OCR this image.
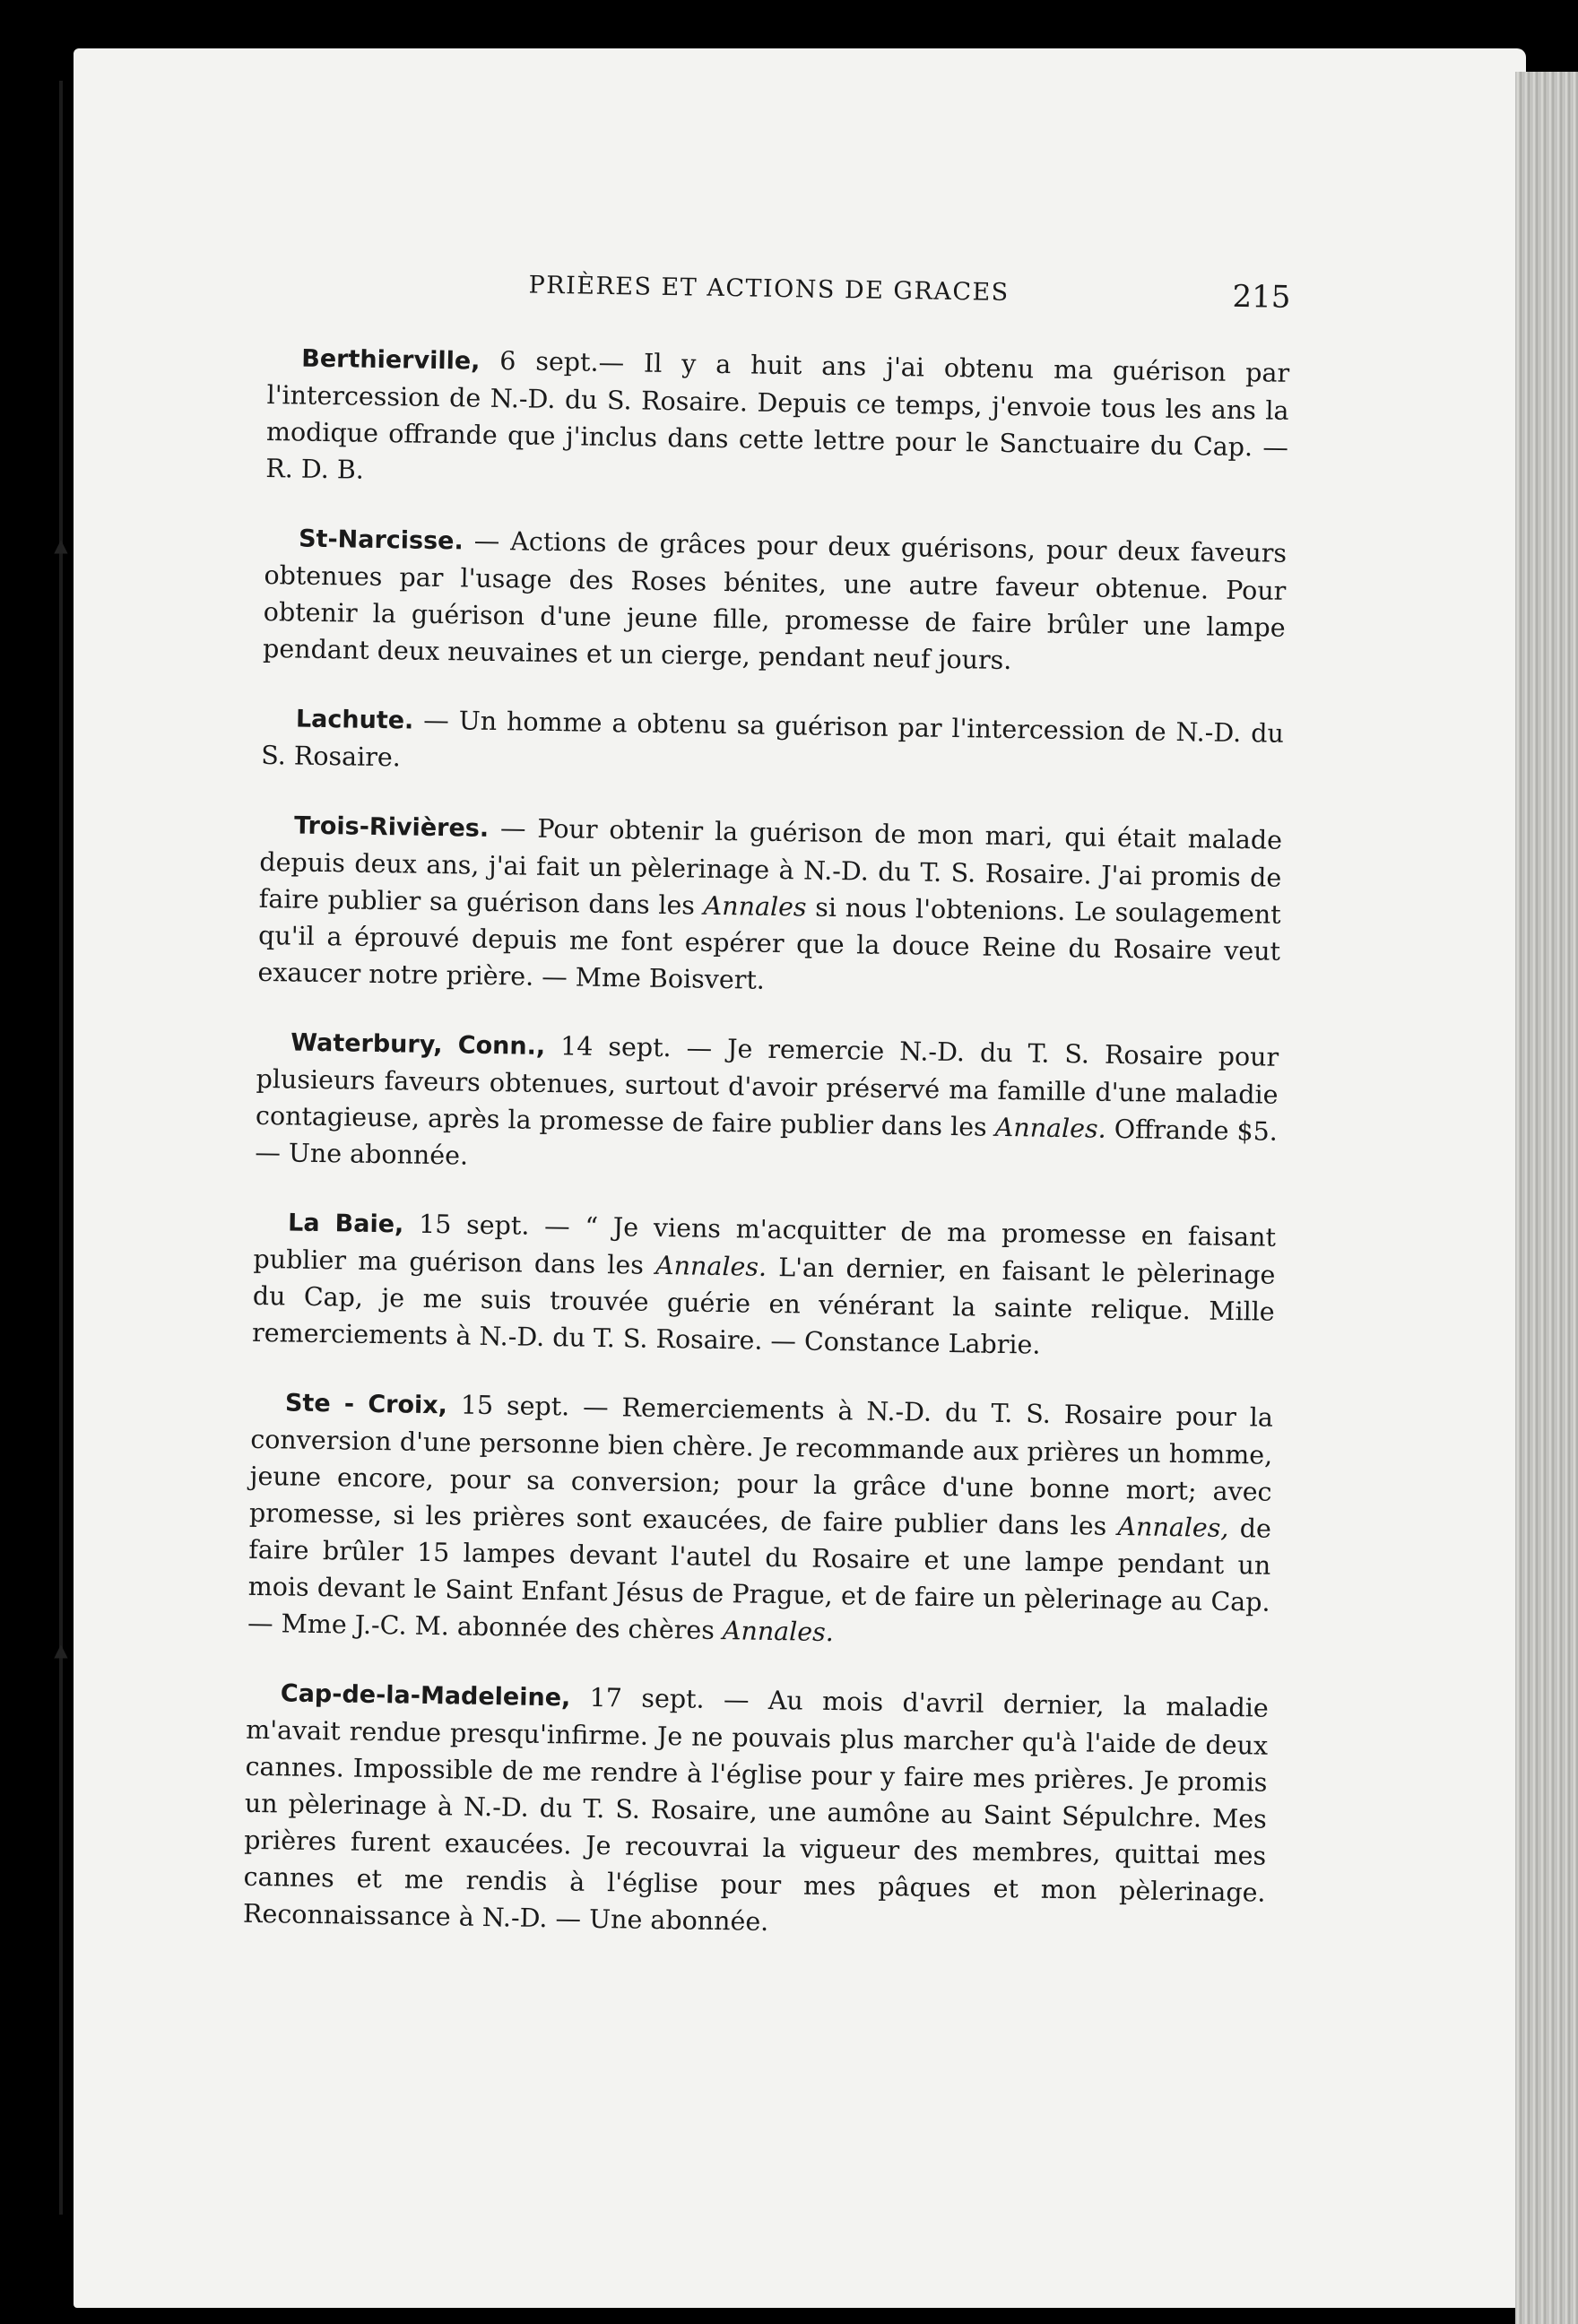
▲
▲
PRIÈRES ET ACTIONS DE GRACES	215

Berthierville, 6 sept.— Il y a huit ans j'ai obtenu ma guérison par l'intercession de N.-D. du S. Rosaire. Depuis ce temps, j'envoie tous les ans la modique offrande que j'inclus dans cette lettre pour le Sanctuaire du Cap. — R. D. B.

St-Narcisse. — Actions de grâces pour deux guérisons, pour deux faveurs obtenues par l'usage des Roses bénites, une autre faveur obtenue. Pour obtenir la guérison d'une jeune fille, promesse de faire brûler une lampe pendant deux neuvaines et un cierge, pendant neuf jours.

Lachute. — Un homme a obtenu sa guérison par l'intercession de N.-D. du S. Rosaire.

Trois-Rivières. — Pour obtenir la guérison de mon mari, qui était malade depuis deux ans, j'ai fait un pèlerinage à N.-D. du T. S. Rosaire. J'ai promis de faire publier sa guérison dans les Annales si nous l'obtenions. Le soulagement qu'il a éprouvé depuis me font espérer que la douce Reine du Rosaire veut exaucer notre prière. — Mme Boisvert.

Waterbury, Conn., 14 sept. — Je remercie N.-D. du T. S. Rosaire pour plusieurs faveurs obtenues, surtout d'avoir préservé ma famille d'une maladie contagieuse, après la promesse de faire publier dans les Annales. Offrande $5. — Une abonnée.

La Baie, 15 sept. — “ Je viens m'acquitter de ma promesse en faisant publier ma guérison dans les Annales. L'an dernier, en faisant le pèlerinage du Cap, je me suis trouvée guérie en vénérant la sainte relique. Mille remerciements à N.-D. du T. S. Rosaire. — Constance Labrie.

Ste - Croix, 15 sept. — Remerciements à N.-D. du T. S. Rosaire pour la conversion d'une personne bien chère. Je recommande aux prières un homme, jeune encore, pour sa conversion; pour la grâce d'une bonne mort; avec promesse, si les prières sont exaucées, de faire publier dans les Annales, de faire brûler 15 lampes devant l'autel du Rosaire et une lampe pendant un mois devant le Saint Enfant Jésus de Prague, et de faire un pèlerinage au Cap. — Mme J.-C. M. abonnée des chères Annales.

Cap-de-la-Madeleine, 17 sept. — Au mois d'avril dernier, la maladie m'avait rendue presqu'infirme. Je ne pouvais plus marcher qu'à l'aide de deux cannes. Impossible de me rendre à l'église pour y faire mes prières. Je promis un pèlerinage à N.-D. du T. S. Rosaire, une aumône au Saint Sépulchre. Mes prières furent exaucées. Je recouvrai la vigueur des membres, quittai mes cannes et me rendis à l'église pour mes pâques et mon pèlerinage. Reconnaissance à N.-D. — Une abonnée.
